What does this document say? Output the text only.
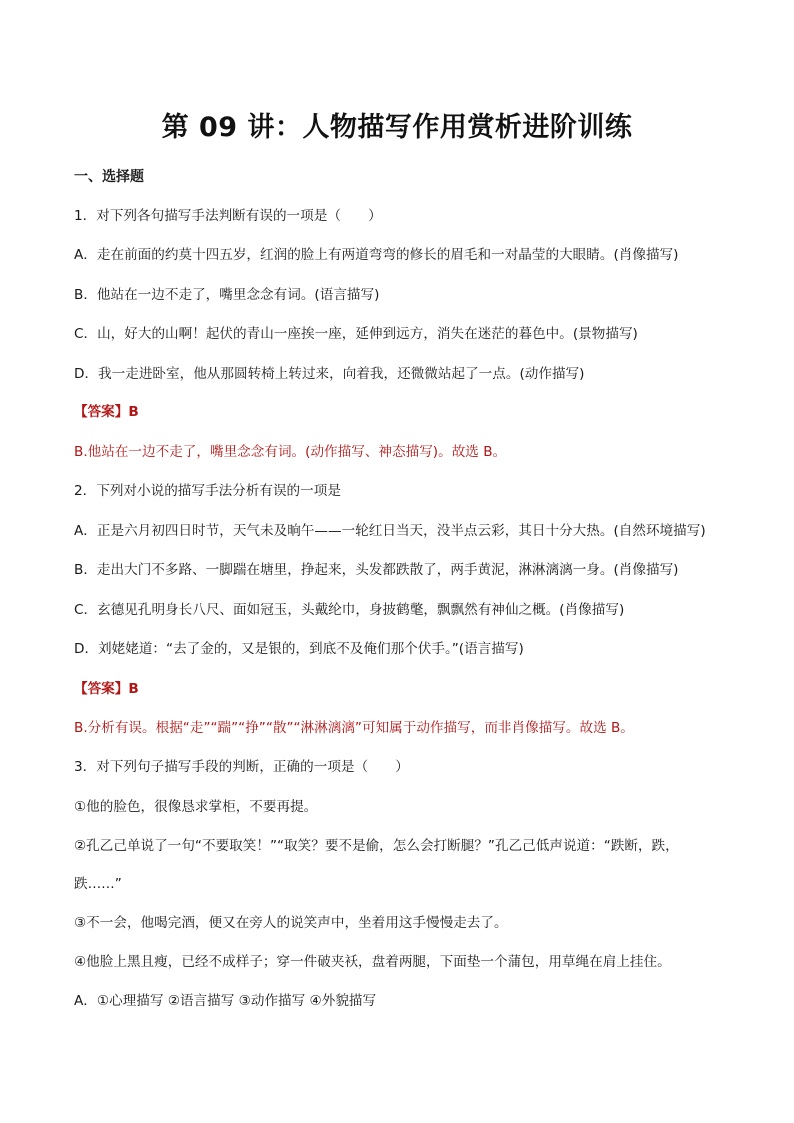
第 09 讲：人物描写作用赏析进阶训练
一、选择题
1．对下列各句描写手法判断有误的一项是（　　）
A．走在前面的约莫十四五岁，红润的脸上有两道弯弯的修长的眉毛和一对晶莹的大眼睛。(肖像描写)
B．他站在一边不走了，嘴里念念有词。(语言描写)
C．山，好大的山啊！起伏的青山一座挨一座，延伸到远方，消失在迷茫的暮色中。(景物描写)
D．我一走进卧室，他从那圆转椅上转过来，向着我，还微微站起了一点。(动作描写)
【答案】B
B.他站在一边不走了，嘴里念念有词。(动作描写、神态描写)。故选 B。
2．下列对小说的描写手法分析有误的一项是
A．正是六月初四日时节，天气未及晌午——一轮红日当天，没半点云彩，其日十分大热。(自然环境描写)
B．走出大门不多路、一脚踹在塘里，挣起来，头发都跌散了，两手黄泥，淋淋漓漓一身。(肖像描写)
C．玄德见孔明身长八尺、面如冠玉，头戴纶巾，身披鹤氅，飘飘然有神仙之概。(肖像描写)
D．刘姥姥道：“去了金的，又是银的，到底不及俺们那个伏手。”(语言描写)
【答案】B
B.分析有误。根据“走”“踹”“挣”“散”“淋淋漓漓”可知属于动作描写，而非肖像描写。故选 B。
3．对下列句子描写手段的判断，正确的一项是（　　）
①他的脸色，很像恳求掌柜，不要再提。
②孔乙己单说了一句“不要取笑！”“取笑？要不是偷，怎么会打断腿？”孔乙己低声说道：“跌断，跌，
跌……”
③不一会，他喝完酒，便又在旁人的说笑声中，坐着用这手慢慢走去了。
④他脸上黑且瘦，已经不成样子；穿一件破夹袄，盘着两腿，下面垫一个蒲包，用草绳在肩上挂住。
A．①心理描写 ②语言描写 ③动作描写 ④外貌描写
